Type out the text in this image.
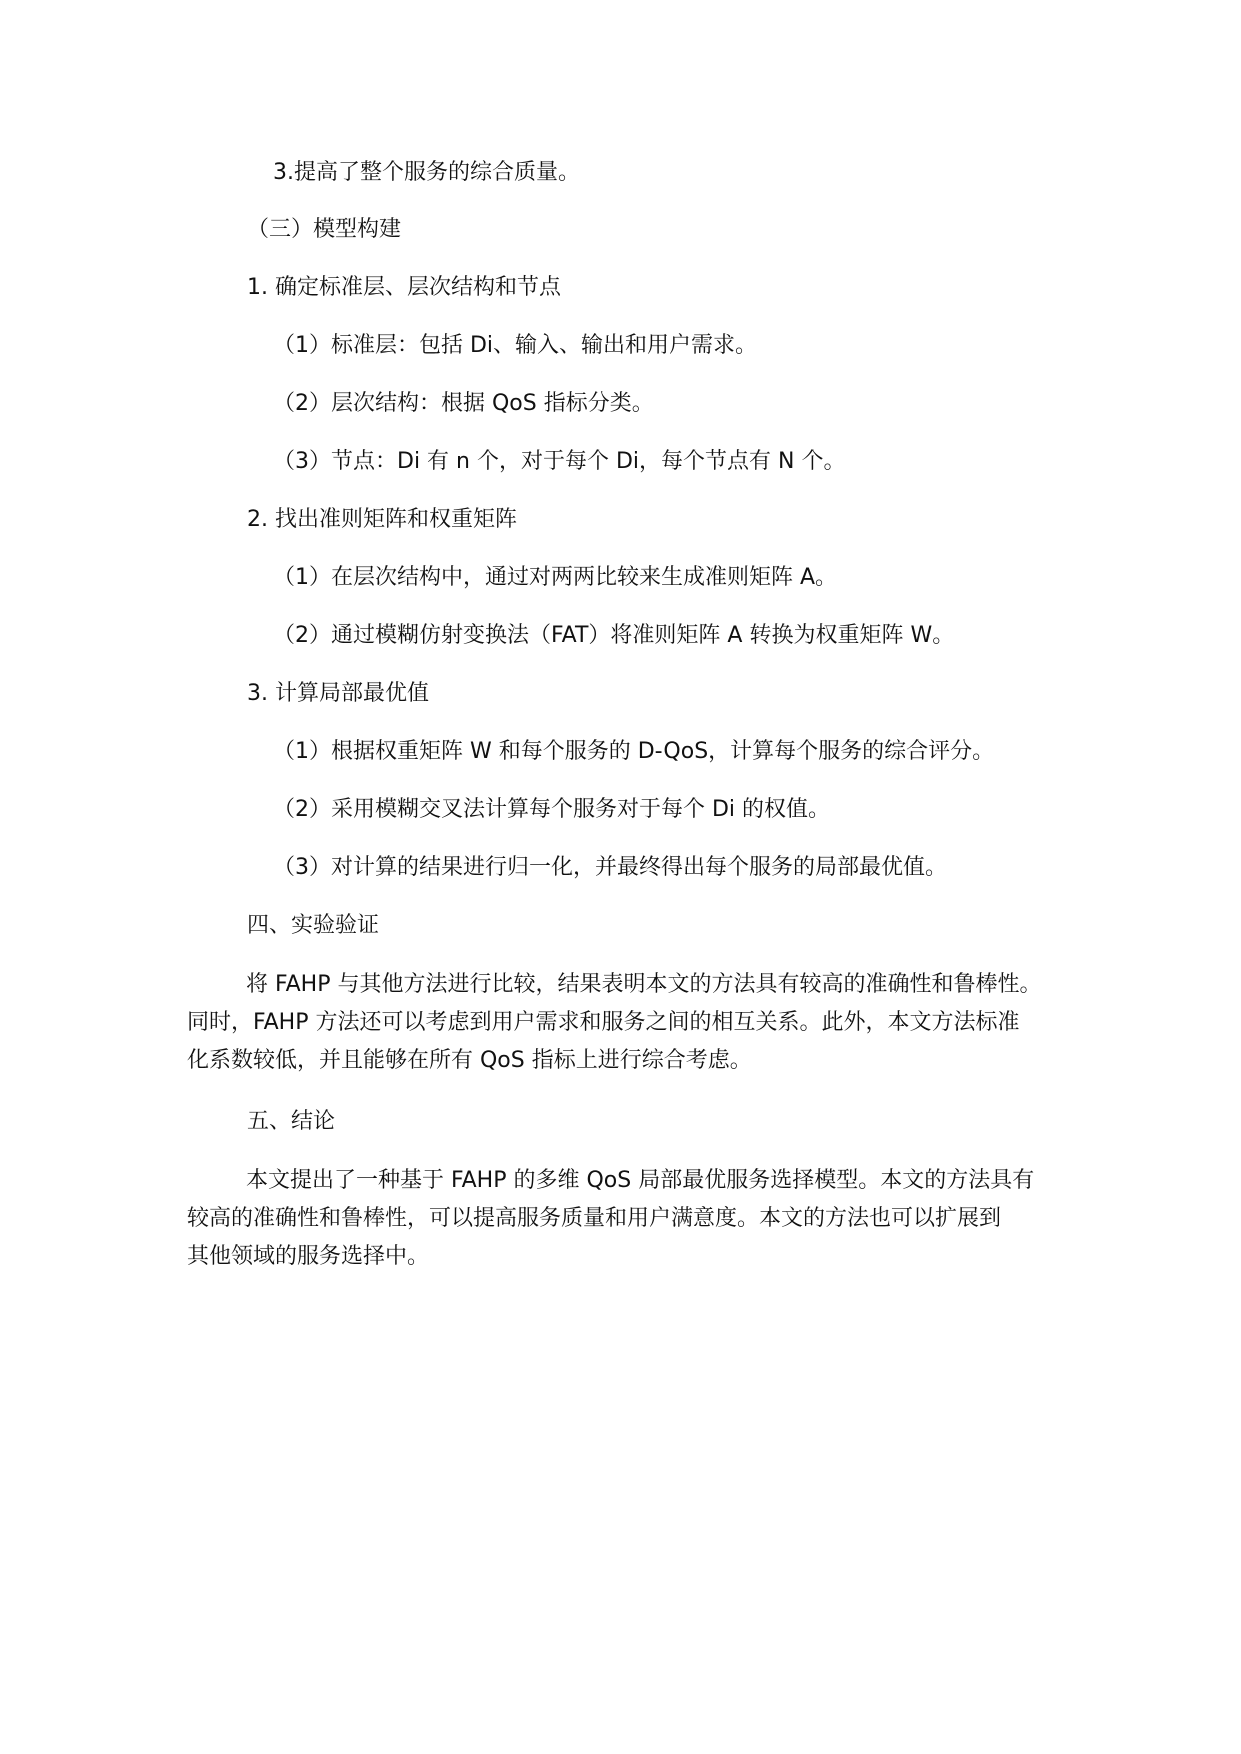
3.提高了整个服务的综合质量。
（三）模型构建
1. 确定标准层、层次结构和节点
（1）标准层：包括 Di、输入、输出和用户需求。
（2）层次结构：根据 QoS 指标分类。
（3）节点：Di 有 n 个，对于每个 Di，每个节点有 N 个。
2. 找出准则矩阵和权重矩阵
（1）在层次结构中，通过对两两比较来生成准则矩阵 A。
（2）通过模糊仿射变换法（FAT）将准则矩阵 A 转换为权重矩阵 W。
3. 计算局部最优值
（1）根据权重矩阵 W 和每个服务的 D-QoS，计算每个服务的综合评分。
（2）采用模糊交叉法计算每个服务对于每个 Di 的权值。
（3）对计算的结果进行归一化，并最终得出每个服务的局部最优值。
四、实验验证

将 FAHP 与其他方法进行比较，结果表明本文的方法具有较高的准确性和鲁棒性。

同时，FAHP 方法还可以考虑到用户需求和服务之间的相互关系。此外，本文方法标准

化系数较低，并且能够在所有 QoS 指标上进行综合考虑。

五、结论

本文提出了一种基于 FAHP 的多维 QoS 局部最优服务选择模型。本文的方法具有

较高的准确性和鲁棒性，可以提高服务质量和用户满意度。本文的方法也可以扩展到

其他领域的服务选择中。
